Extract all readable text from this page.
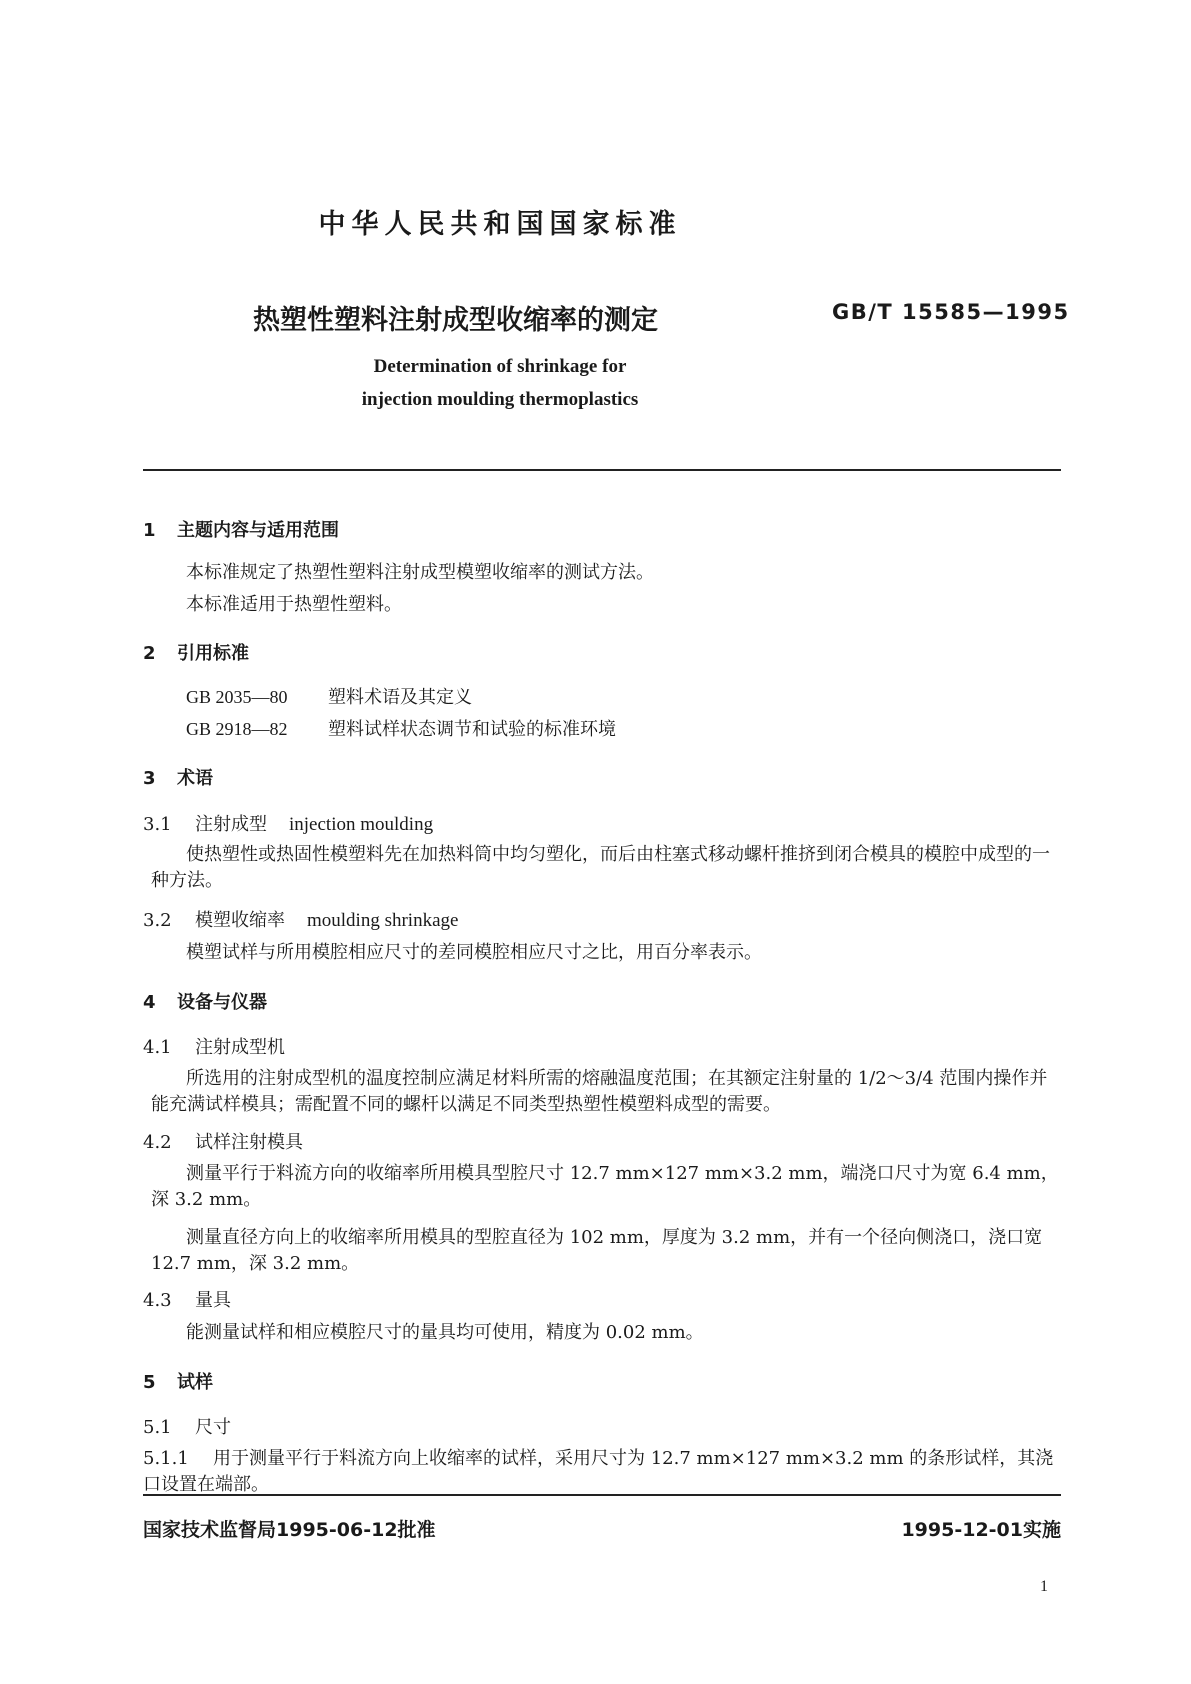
中华人民共和国国家标准
热塑性塑料注射成型收缩率的测定	GB/T 15585—1995
Determination of shrinkage for
injection moulding thermoplastics
1 主题内容与适用范围
本标准规定了热塑性塑料注射成型模塑收缩率的测试方法。
本标准适用于热塑性塑料。
2 引用标准
GB 2035—80 塑料术语及其定义
GB 2918—82 塑料试样状态调节和试验的标准环境
3 术语
3.1 注射成型 injection moulding
使热塑性或热固性模塑料先在加热料筒中均匀塑化，而后由柱塞式移动螺杆推挤到闭合模具的模腔中成型的一种方法。
3.2 模塑收缩率 moulding shrinkage
模塑试样与所用模腔相应尺寸的差同模腔相应尺寸之比，用百分率表示。
4 设备与仪器
4.1 注射成型机
所选用的注射成型机的温度控制应满足材料所需的熔融温度范围；在其额定注射量的 1/2～3/4 范围内操作并能充满试样模具；需配置不同的螺杆以满足不同类型热塑性模塑料成型的需要。
4.2 试样注射模具
测量平行于料流方向的收缩率所用模具型腔尺寸 12.7 mm×127 mm×3.2 mm，端浇口尺寸为宽 6.4 mm，深 3.2 mm。
测量直径方向上的收缩率所用模具的型腔直径为 102 mm，厚度为 3.2 mm，并有一个径向侧浇口，浇口宽 12.7 mm，深 3.2 mm。
4.3 量具
能测量试样和相应模腔尺寸的量具均可使用，精度为 0.02 mm。
5 试样
5.1 尺寸
5.1.1 用于测量平行于料流方向上收缩率的试样，采用尺寸为 12.7 mm×127 mm×3.2 mm 的条形试样，其浇口设置在端部。
国家技术监督局1995-06-12批准	1995-12-01实施
1
